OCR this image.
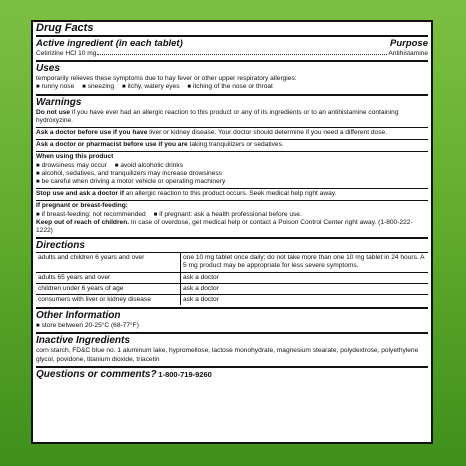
Drug Facts
Active ingredient (in each tablet)	Purpose
Cetirizine HCl 10 mg	Antihistamine
Uses
temporarily relieves these symptoms due to hay fever or other upper respiratory allergies:
■ runny nose ■ sneezing ■ itchy, watery eyes ■ itching of the nose or throat
Warnings
Do not use if you have ever had an allergic reaction to this product or any of its ingredients or to an antihistamine containing hydroxyzine.
Ask a doctor before use if you have liver or kidney disease. Your doctor should determine if you need a different dose.
Ask a doctor or pharmacist before use if you are taking tranquilizers or sedatives.
When using this product
■ drowsiness may occur ■ avoid alcoholic drinks
■ alcohol, sedatives, and tranquilizers may increase drowsiness
■ be careful when driving a motor vehicle or operating machinery
Stop use and ask a doctor if an allergic reaction to this product occurs. Seek medical help right away.
If pregnant or breast-feeding:
■ if breast-feeding: not recommended ■ if pregnant: ask a health professional before use.
Keep out of reach of children. In case of overdose, get medical help or contact a Poison Control Center right away. (1-800-222-1222)
Directions
adults and children 6 years and over	one 10 mg tablet once daily; do not take more than one 10 mg tablet in 24 hours. A 5 mg product may be appropriate for less severe symptoms.
adults 65 years and over	ask a doctor
children under 6 years of age	ask a doctor
consumers with liver or kidney disease	ask a doctor
Other Information
■ store between 20-25°C (68-77°F)
Inactive Ingredients
corn starch, FD&C blue no. 1 aluminum lake, hypromellose, lactose monohydrate, magnesium stearate, polydextrose, polyethylene glycol, povidone, titanium dioxide, triacetin
Questions or comments? 1-800-719-9260
